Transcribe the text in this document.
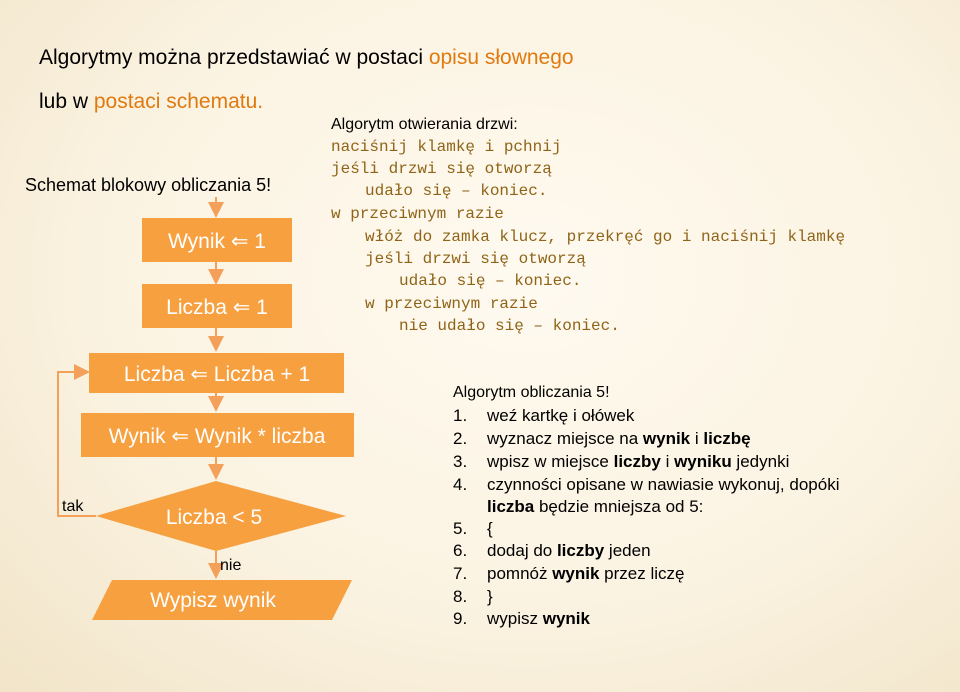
Algorytmy można przedstawiać w postaci opisu słownego
lub w postaci schematu.
Schemat blokowy obliczania 5!
Algorytm otwierania drzwi:
naciśnij klamkę i pchnij
jeśli drzwi się otworzą
udało się – koniec.
w przeciwnym razie
włóż do zamka klucz, przekręć go i naciśnij klamkę
jeśli drzwi się otworzą
udało się – koniec.
w przeciwnym razie
nie udało się – koniec.
Wynik ⇐ 1
Liczba ⇐ 1
Liczba ⇐ Liczba + 1
Wynik ⇐ Wynik * liczba
Liczba < 5
Wypisz wynik
tak
nie
Algorytm obliczania 5!
1. weź kartkę i ołówek
2. wyznacz miejsce na wynik i liczbę
3. wpisz w miejsce liczby i wyniku jedynki
4. czynności opisane w nawiasie wykonuj, dopóki
liczba będzie mniejsza od 5:
5. {
6. dodaj do liczby jeden
7. pomnóż wynik przez liczę
8. }
9. wypisz wynik
